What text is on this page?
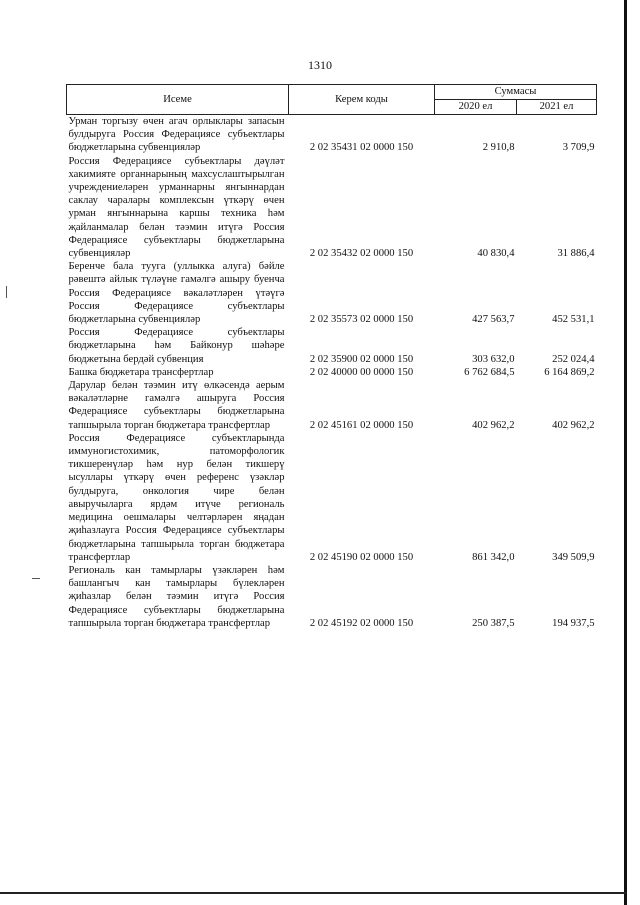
1310
Исеме	Керем коды	Суммасы	
		2020 ел	2021 ел
Урман торгызу өчен агач орлыклары запасын булдыруга Россия Федерациясе субъектлары бюджетларына субвенцияләр	2 02 35431 02 0000 150	2 910,8	3 709,9
Россия Федерациясе субъектлары дәүләт хакимияте органнарының махсуслаштырылган учреждениеләрен урманнарны янгыннардан саклау чаралары комплексын үткәрү өчен урман янгыннарына каршы техника һәм җайланмалар белән тәэмин итүгә Россия Федерациясе субъектлары бюджетларына субвенцияләр	2 02 35432 02 0000 150	40 830,4	31 886,4
Беренче бала туугa (уллыкка алуга) бәйле рәвештә айлык түләүне гамәлгә ашыру буенча Россия Федерациясе вәкаләтләрен үтәүгә Россия Федерациясе субъектлары бюджетларына субвенцияләр	2 02 35573 02 0000 150	427 563,7	452 531,1
Россия Федерациясе субъектлары бюджетларына һәм Байконур шәһәре бюджетына бердәй субвенция	2 02 35900 02 0000 150	303 632,0	252 024,4
Башка бюджетара трансфертлар	2 02 40000 00 0000 150	6 762 684,5	6 164 869,2
Дарулар белән тәэмин итү өлкәсендә аерым вәкаләтләрне гамәлгә ашыруга Россия Федерациясе субъектлары бюджетларына тапшырыла торган бюджетара трансфертлар	2 02 45161 02 0000 150	402 962,2	402 962,2
Россия Федерациясе субъектларында иммуногистохимик, патоморфологик тикшеренүләр һәм нур белән тикшерү ысуллары үткәрү өчен референс үзәкләр булдыруга, онкология чире белән авыручыларга ярдәм итүче региональ медицина оешмалары челтәрләрен яңадан җиһазлауга Россия Федерациясе субъектлары бюджетларына тапшырыла торган бюджетара трансфертлар	2 02 45190 02 0000 150	861 342,0	349 509,9
Региональ кан тамырлары үзәкләрен һәм башлангыч кан тамырлары бүлекләрен җиһазлар белән тәэмин итүгә Россия Федерациясе субъектлары бюджетларына тапшырыла торган бюджетара трансфертлар	2 02 45192 02 0000 150	250 387,5	194 937,5
